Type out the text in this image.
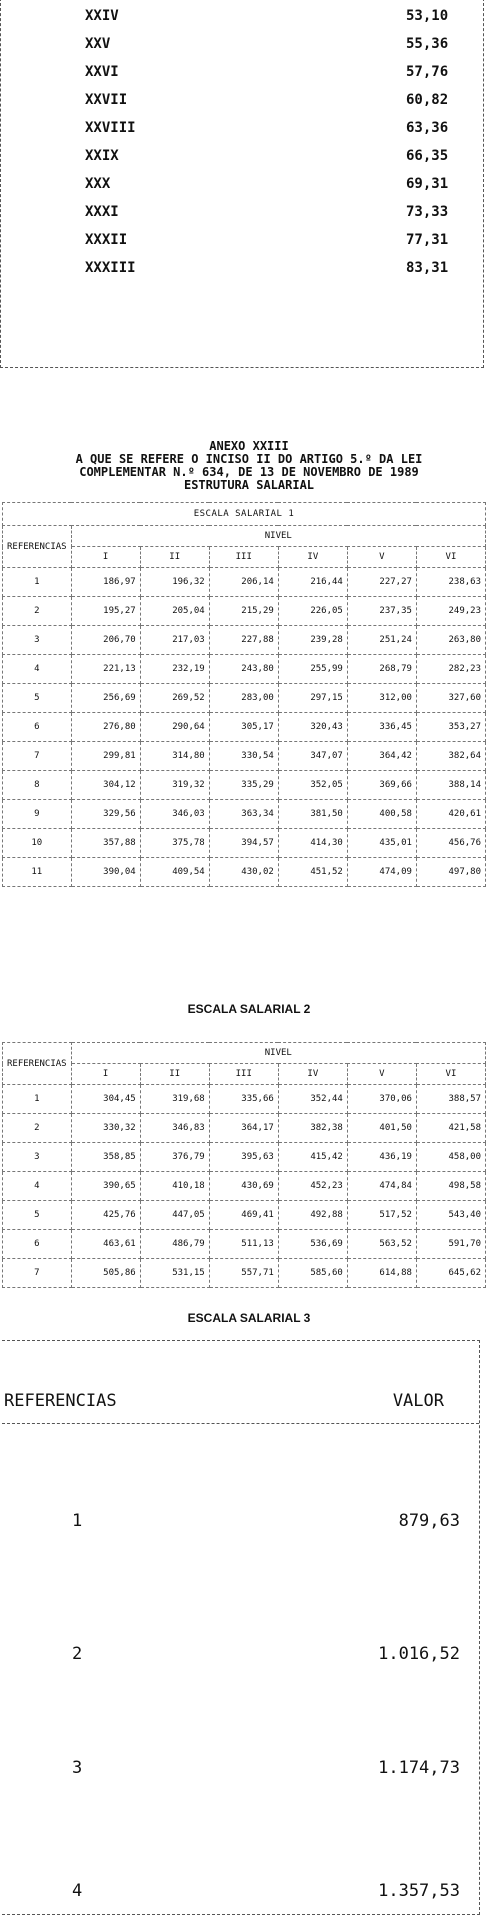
XXIV	53,10
XXV	55,36
XXVI	57,76
XXVII	60,82
XXVIII	63,36
XXIX	66,35
XXX	69,31
XXXI	73,33
XXXII	77,31
XXXIII	83,31
ANEXO XXIII
A QUE SE REFERE O INCISO II DO ARTIGO 5.º DA LEI
COMPLEMENTAR N.º 634, DE 13 DE NOVEMBRO DE 1989
ESTRUTURA SALARIAL
ESCALA SALARIAL 1						
REFERENCIAS	NIVEL					
	I	II	III	IV	V	VI
1	186,97	196,32	206,14	216,44	227,27	238,63
2	195,27	205,04	215,29	226,05	237,35	249,23
3	206,70	217,03	227,88	239,28	251,24	263,80
4	221,13	232,19	243,80	255,99	268,79	282,23
5	256,69	269,52	283,00	297,15	312,00	327,60
6	276,80	290,64	305,17	320,43	336,45	353,27
7	299,81	314,80	330,54	347,07	364,42	382,64
8	304,12	319,32	335,29	352,05	369,66	388,14
9	329,56	346,03	363,34	381,50	400,58	420,61
10	357,88	375,78	394,57	414,30	435,01	456,76
11	390,04	409,54	430,02	451,52	474,09	497,80
ESCALA SALARIAL 2
REFERENCIAS	NIVEL					
	I	II	III	IV	V	VI
1	304,45	319,68	335,66	352,44	370,06	388,57
2	330,32	346,83	364,17	382,38	401,50	421,58
3	358,85	376,79	395,63	415,42	436,19	458,00
4	390,65	410,18	430,69	452,23	474,84	498,58
5	425,76	447,05	469,41	492,88	517,52	543,40
6	463,61	486,79	511,13	536,69	563,52	591,70
7	505,86	531,15	557,71	585,60	614,88	645,62
ESCALA SALARIAL 3
REFERENCIAS	VALOR
1	879,63
2	1.016,52
3	1.174,73
4	1.357,53
